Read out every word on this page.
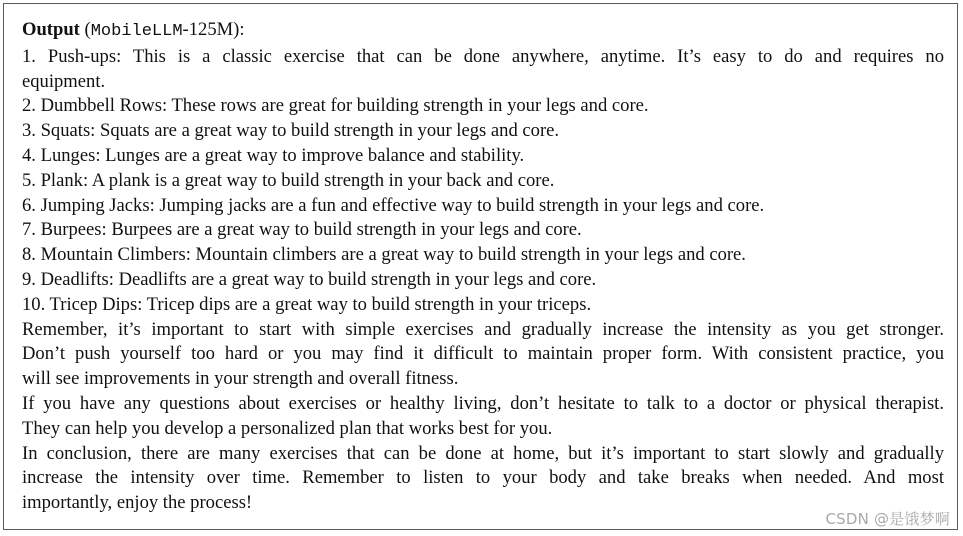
Output (MobileLLM-125M):
1. Push-ups: This is a classic exercise that can be done anywhere, anytime. It’s easy to do and requires no
equipment.
2. Dumbbell Rows: These rows are great for building strength in your legs and core.
3. Squats: Squats are a great way to build strength in your legs and core.
4. Lunges: Lunges are a great way to improve balance and stability.
5. Plank: A plank is a great way to build strength in your back and core.
6. Jumping Jacks: Jumping jacks are a fun and effective way to build strength in your legs and core.
7. Burpees: Burpees are a great way to build strength in your legs and core.
8. Mountain Climbers: Mountain climbers are a great way to build strength in your legs and core.
9. Deadlifts: Deadlifts are a great way to build strength in your legs and core.
10. Tricep Dips: Tricep dips are a great way to build strength in your triceps.
Remember, it’s important to start with simple exercises and gradually increase the intensity as you get stronger.
Don’t push yourself too hard or you may find it difficult to maintain proper form. With consistent practice, you
will see improvements in your strength and overall fitness.
If you have any questions about exercises or healthy living, don’t hesitate to talk to a doctor or physical therapist.
They can help you develop a personalized plan that works best for you.
In conclusion, there are many exercises that can be done at home, but it’s important to start slowly and gradually
increase the intensity over time. Remember to listen to your body and take breaks when needed. And most
importantly, enjoy the process!
CSDN @是饿梦啊
